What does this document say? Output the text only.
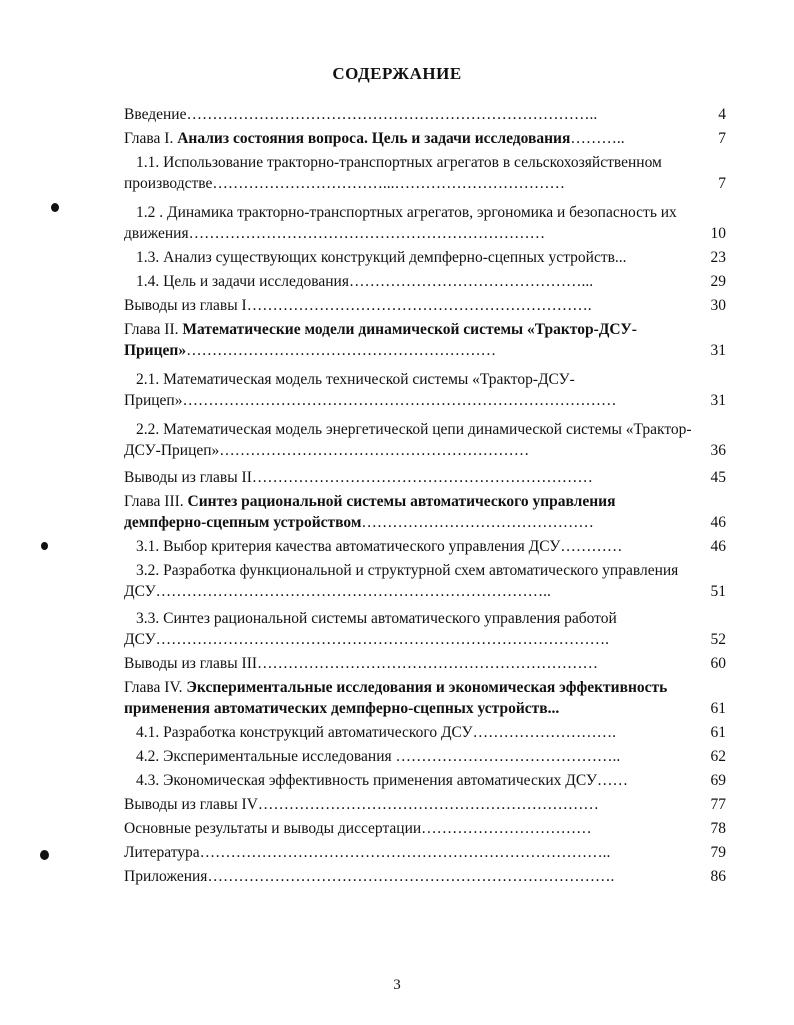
СОДЕРЖАНИЕ
Введение……………………………………………………………………..	4
Глава I. Анализ состояния вопроса. Цель и задачи исследования………..	7
1.1. Использование тракторно-транспортных агрегатов в сельскохозяйственном производстве……………………………...……………………………	7
1.2 . Динамика тракторно-транспортных агрегатов, эргономика и безопасность их движения……………………………………………………………	10
1.3. Анализ существующих конструкций демпферно-сцепных устройств...	23
1.4. Цель и задачи исследования………………………………………...	29
Выводы из главы I………………………………………………………….	30
Глава II. Математические модели динамической системы «Трактор-ДСУ-Прицеп»……………………………………………………	31
2.1. Математическая модель технической системы «Трактор-ДСУ-Прицеп»…………………………………………………………………………	31
2.2. Математическая модель энергетической цепи динамической системы «Трактор-ДСУ-Прицеп»……………………………………………………	36
Выводы из главы II…………………………………………………………	45
Глава III. Синтез рациональной системы автоматического управления демпферно-сцепным устройством………………………………………	46
3.1. Выбор критерия качества автоматического управления ДСУ…………	46
3.2. Разработка функциональной и структурной схем автоматического управления ДСУ…………………………………………………………………..	51
3.3. Синтез рациональной системы автоматического управления работой ДСУ…………………………………………………………………………….	52
Выводы из главы III…………………………………………………………	60
Глава IV. Экспериментальные исследования и экономическая эффективность применения автоматических демпферно-сцепных устройств...	61
4.1. Разработка конструкций автоматического ДСУ……………………….	61
4.2. Экспериментальные исследования ……………………………………..	62
4.3. Экономическая эффективность применения автоматических ДСУ……	69
Выводы из главы IV…………………………………………………………	77
Основные результаты и выводы диссертации……………………………	78
Литература……………………………………………………………………..	79
Приложения…………………………………………………………………….	86
3
